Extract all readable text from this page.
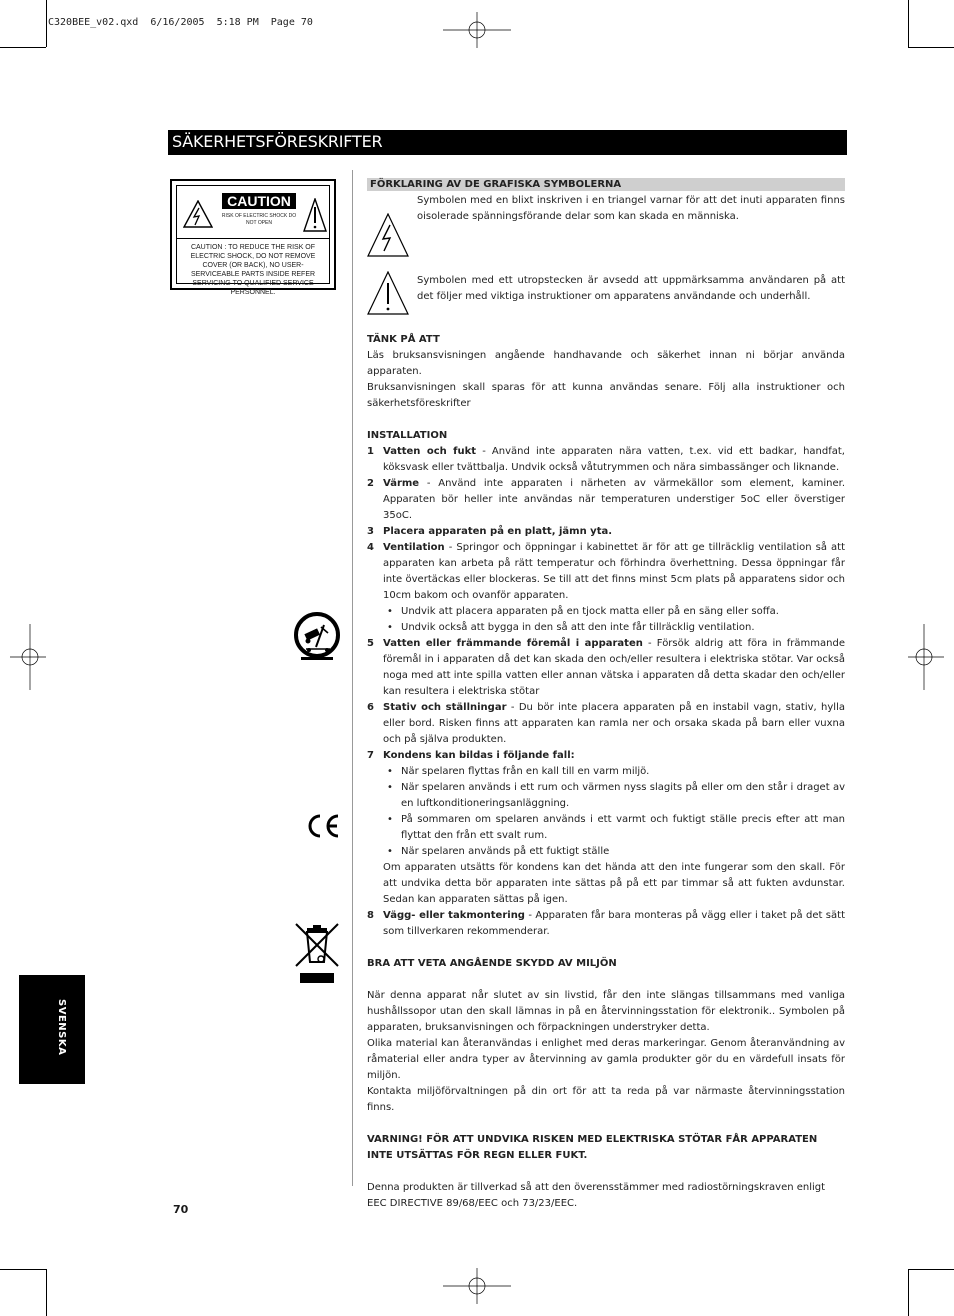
C320BEE_v02.qxd  6/16/2005  5:18 PM  Page 70
SÄKERHETSFÖRESKRIFTER
CAUTION
RISK OF ELECTRIC SHOCK DO NOT OPEN
CAUTION : TO REDUCE THE RISK OF ELECTRIC SHOCK, DO NOT REMOVE COVER (OR BACK), NO USER-SERVICEABLE PARTS INSIDE REFER SERVICING TO QUALIFIED SERVICE PERSONNEL.
FÖRKLARING AV DE GRAFISKA SYMBOLERNA
Symbolen med en blixt inskriven i en triangel varnar för att det inuti apparaten finns oisolerade spänningsförande delar som kan skada en människa.
Symbolen med ett utropstecken är avsedd att uppmärksamma användaren på att det följer med viktiga instruktioner om apparatens användande och underhåll.
TÄNK PÅ ATT

Läs bruksansvisningen angående handhavande och säkerhet innan ni börjar använda apparaten.

Bruksanvisningen skall sparas för att kunna användas senare. Följ alla instruktioner och säkerhetsföreskrifter

INSTALLATION
1 Vatten och fukt - Använd inte apparaten nära vatten, t.ex. vid ett badkar, handfat, köksvask eller tvättbalja. Undvik också våtutrymmen och nära simbassänger och liknande.
2 Värme - Använd inte apparaten i närheten av värmekällor som element, kaminer. Apparaten bör heller inte användas när temperaturen understiger 5oC eller överstiger 35oC.
3 Placera apparaten på en platt, jämn yta.
4 Ventilation - Springor och öppningar i kabinettet är för att ge tillräcklig ventilation så att apparaten kan arbeta på rätt temperatur och förhindra överhettning. Dessa öppningar får inte övertäckas eller blockeras. Se till att det finns minst 5cm plats på apparatens sidor och 10cm bakom och ovanför apparaten.
• Undvik att placera apparaten på en tjock matta eller på en säng eller soffa.
• Undvik också att bygga in den så att den inte får tillräcklig ventilation.
5 Vatten eller främmande föremål i apparaten - Försök aldrig att föra in främmande föremål in i apparaten då det kan skada den och/eller resultera i elektriska stötar. Var också noga med att inte spilla vatten eller annan vätska i apparaten då detta skadar den och/eller kan resultera i elektriska stötar
6 Stativ och ställningar - Du bör inte placera apparaten på en instabil vagn, stativ, hylla eller bord. Risken finns att apparaten kan ramla ner och orsaka skada på barn eller vuxna och på själva produkten.
7 Kondens kan bildas i följande fall:
• När spelaren flyttas från en kall till en varm miljö.
• När spelaren används i ett rum och värmen nyss slagits på eller om den står i draget av en luftkonditioneringsanläggning.
• På sommaren om spelaren används i ett varmt och fuktigt ställe precis efter att man flyttat den från ett svalt rum.
• När spelaren används på ett fuktigt ställe

Om apparaten utsätts för kondens kan det hända att den inte fungerar som den skall. För att undvika detta bör apparaten inte sättas på på ett par timmar så att fukten avdunstar. Sedan kan apparaten sättas på igen.

8 Vägg- eller takmontering - Apparaten får bara monteras på vägg eller i taket på det sätt som tillverkaren rekommenderar.
BRA ATT VETA ANGÅENDE SKYDD AV MILJÖN

När denna apparat når slutet av sin livstid, får den inte slängas tillsammans med vanliga hushållssopor utan den skall lämnas in på en återvinningsstation för elektronik.. Symbolen på apparaten, bruksanvisningen och förpackningen understryker detta.

Olika material kan återanvändas i enlighet med deras markeringar. Genom återanvändning av råmaterial eller andra typer av återvinning av gamla produkter gör du en värdefull insats för miljön.

Kontakta miljöförvaltningen på din ort för att ta reda på var närmaste återvinningsstation finns.

VARNING! FÖR ATT UNDVIKA RISKEN MED ELEKTRISKA STÖTAR FÅR APPARATEN INTE UTSÄTTAS FÖR REGN ELLER FUKT.

Denna produkten är tillverkad så att den överensstämmer med radiostörningskraven enligt

EEC DIRECTIVE 89/68/EEC och 73/23/EEC.

SVENSKA
70
